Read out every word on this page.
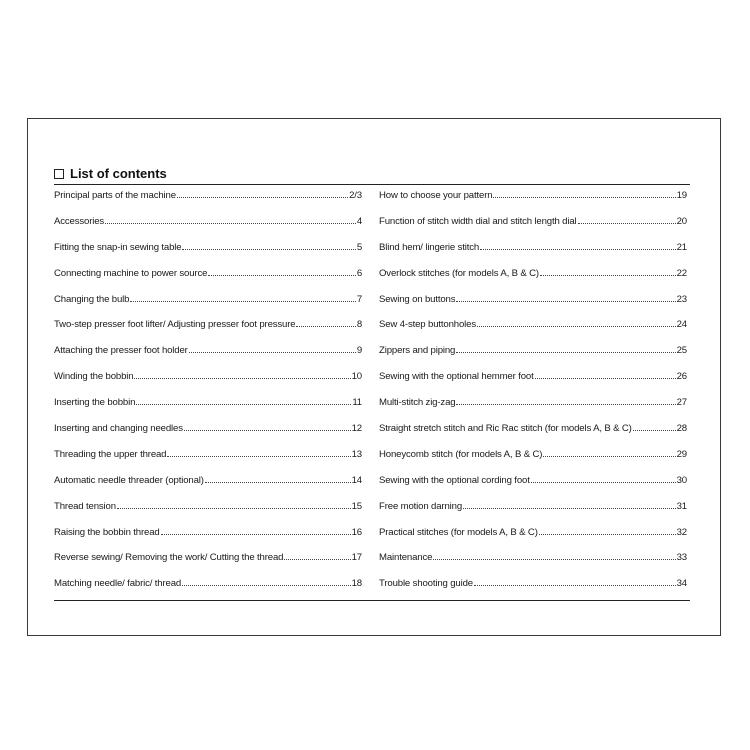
List of contents
Principal parts of the machine	2/3
Accessories	4
Fitting the snap-in sewing table	5
Connecting machine to power source	6
Changing the bulb	7
Two-step presser foot lifter/ Adjusting presser foot pressure	8
Attaching the presser foot holder	9
Winding the bobbin	10
Inserting the bobbin	11
Inserting and changing needles	12
Threading the upper thread	13
Automatic needle threader (optional)	14
Thread tension	15
Raising the bobbin thread	16
Reverse sewing/ Removing the work/ Cutting the thread	17
Matching needle/ fabric/ thread	18
How to choose your pattern	19
Function of stitch width dial and stitch length dial	20
Blind hem/ lingerie stitch	21
Overlock stitches (for models A, B & C)	22
Sewing on buttons	23
Sew 4-step buttonholes	24
Zippers and piping	25
Sewing with the optional hemmer foot	26
Multi-stitch zig-zag	27
Straight stretch stitch and Ric Rac stitch (for models A, B & C)	28
Honeycomb stitch (for models A, B & C)	29
Sewing with the optional cording foot	30
Free motion darning	31
Practical stitches (for models A, B & C)	32
Maintenance	33
Trouble shooting guide	34
